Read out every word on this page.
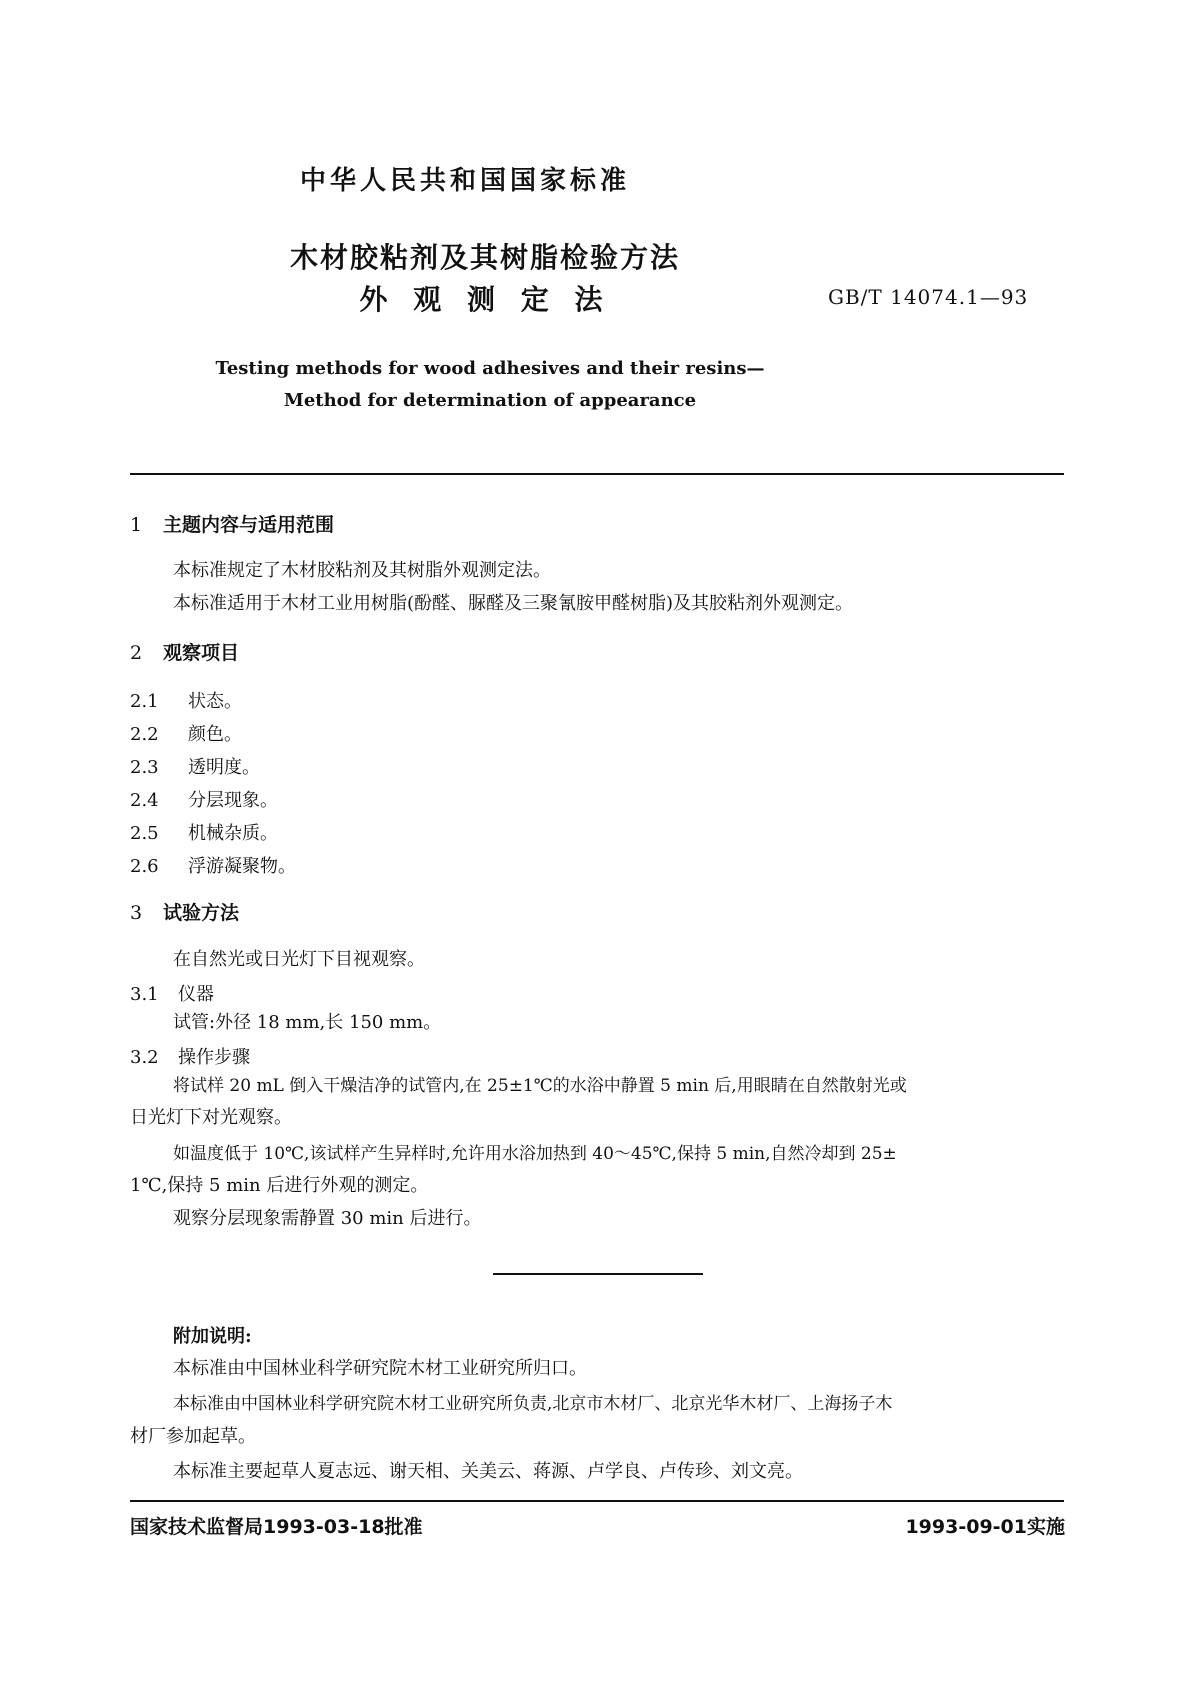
中华人民共和国国家标准
木材胶粘剂及其树脂检验方法
外 观 测 定 法	GB/T 14074.1—93
Testing methods for wood adhesives and their resins—
Method for determination of appearance
1 主题内容与适用范围
本标准规定了木材胶粘剂及其树脂外观测定法。
本标准适用于木材工业用树脂(酚醛、脲醛及三聚氰胺甲醛树脂)及其胶粘剂外观测定。
2 观察项目
2.1 状态。
2.2 颜色。
2.3 透明度。
2.4 分层现象。
2.5 机械杂质。
2.6 浮游凝聚物。
3 试验方法
在自然光或日光灯下目视观察。
3.1 仪器
试管:外径 18 mm,长 150 mm。
3.2 操作步骤
将试样 20 mL 倒入干燥洁净的试管内,在 25±1℃的水浴中静置 5 min 后,用眼睛在自然散射光或
日光灯下对光观察。
如温度低于 10℃,该试样产生异样时,允许用水浴加热到 40～45℃,保持 5 min,自然冷却到 25±
1℃,保持 5 min 后进行外观的测定。
观察分层现象需静置 30 min 后进行。
附加说明:
本标准由中国林业科学研究院木材工业研究所归口。
本标准由中国林业科学研究院木材工业研究所负责,北京市木材厂、北京光华木材厂、上海扬子木
材厂参加起草。
本标准主要起草人夏志远、谢天相、关美云、蒋源、卢学良、卢传珍、刘文亮。
国家技术监督局1993-03-18批准	1993-09-01实施
